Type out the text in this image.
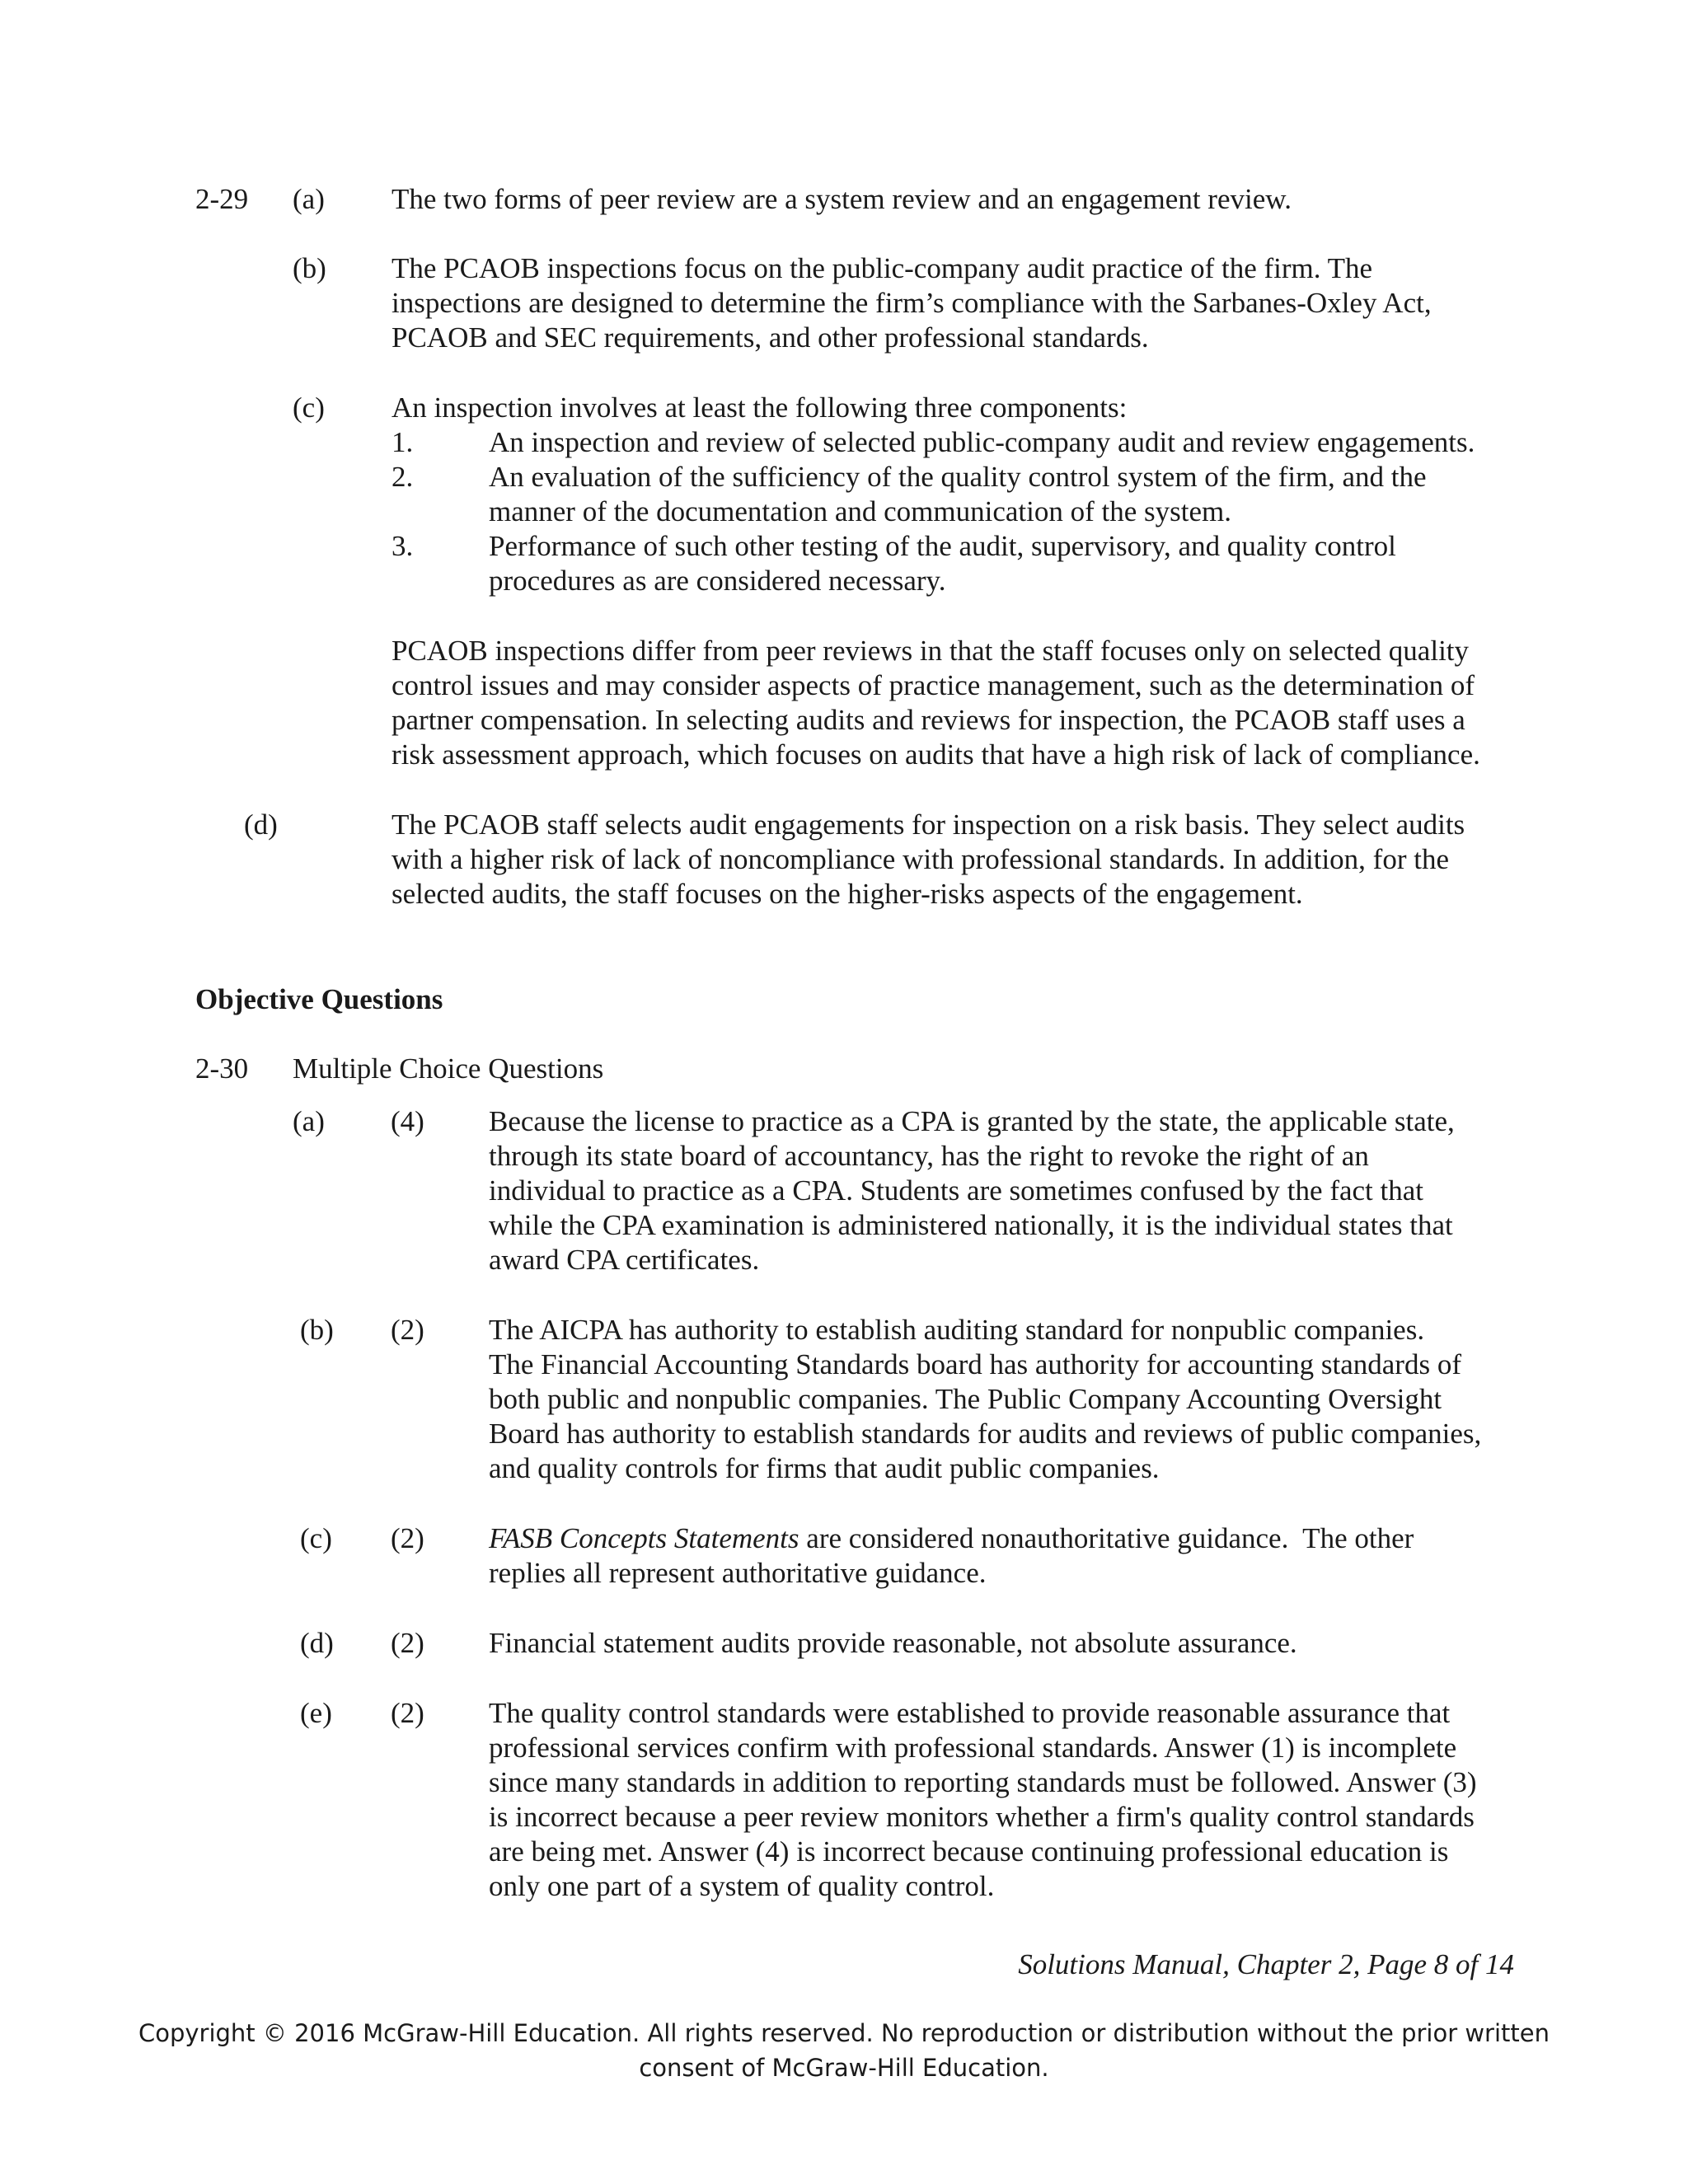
2-29 (a) The two forms of peer review are a system review and an engagement review.
(b) The PCAOB inspections focus on the public-company audit practice of the firm. The
inspections are designed to determine the firm’s compliance with the Sarbanes-Oxley Act,
PCAOB and SEC requirements, and other professional standards.
(c) An inspection involves at least the following three components:
1.	An inspection and review of selected public-company audit and review engagements.
2.	An evaluation of the sufficiency of the quality control system of the firm, and the
manner of the documentation and communication of the system.
3.	Performance of such other testing of the audit, supervisory, and quality control
procedures as are considered necessary.
PCAOB inspections differ from peer reviews in that the staff focuses only on selected quality
control issues and may consider aspects of practice management, such as the determination of
partner compensation. In selecting audits and reviews for inspection, the PCAOB staff uses a
risk assessment approach, which focuses on audits that have a high risk of lack of compliance.
(d)	The PCAOB staff selects audit engagements for inspection on a risk basis. They select audits
with a higher risk of lack of noncompliance with professional standards. In addition, for the
selected audits, the staff focuses on the higher-risks aspects of the engagement.
Objective Questions
2-30 Multiple Choice Questions
(a) (4) Because the license to practice as a CPA is granted by the state, the applicable state,
through its state board of accountancy, has the right to revoke the right of an
individual to practice as a CPA. Students are sometimes confused by the fact that
while the CPA examination is administered nationally, it is the individual states that
award CPA certificates.
(b) (2) The AICPA has authority to establish auditing standard for nonpublic companies.
The Financial Accounting Standards board has authority for accounting standards of
both public and nonpublic companies. The Public Company Accounting Oversight
Board has authority to establish standards for audits and reviews of public companies,
and quality controls for firms that audit public companies.
(c) (2) FASB Concepts Statements are considered nonauthoritative guidance.  The other
replies all represent authoritative guidance.
(d) (2) Financial statement audits provide reasonable, not absolute assurance.
(e) (2) The quality control standards were established to provide reasonable assurance that
professional services confirm with professional standards. Answer (1) is incomplete
since many standards in addition to reporting standards must be followed. Answer (3)
is incorrect because a peer review monitors whether a firm's quality control standards
are being met. Answer (4) is incorrect because continuing professional education is
only one part of a system of quality control.
Solutions Manual, Chapter 2, Page 8 of 14
Copyright © 2016 McGraw-Hill Education. All rights reserved. No reproduction or distribution without the prior written
consent of McGraw-Hill Education.
